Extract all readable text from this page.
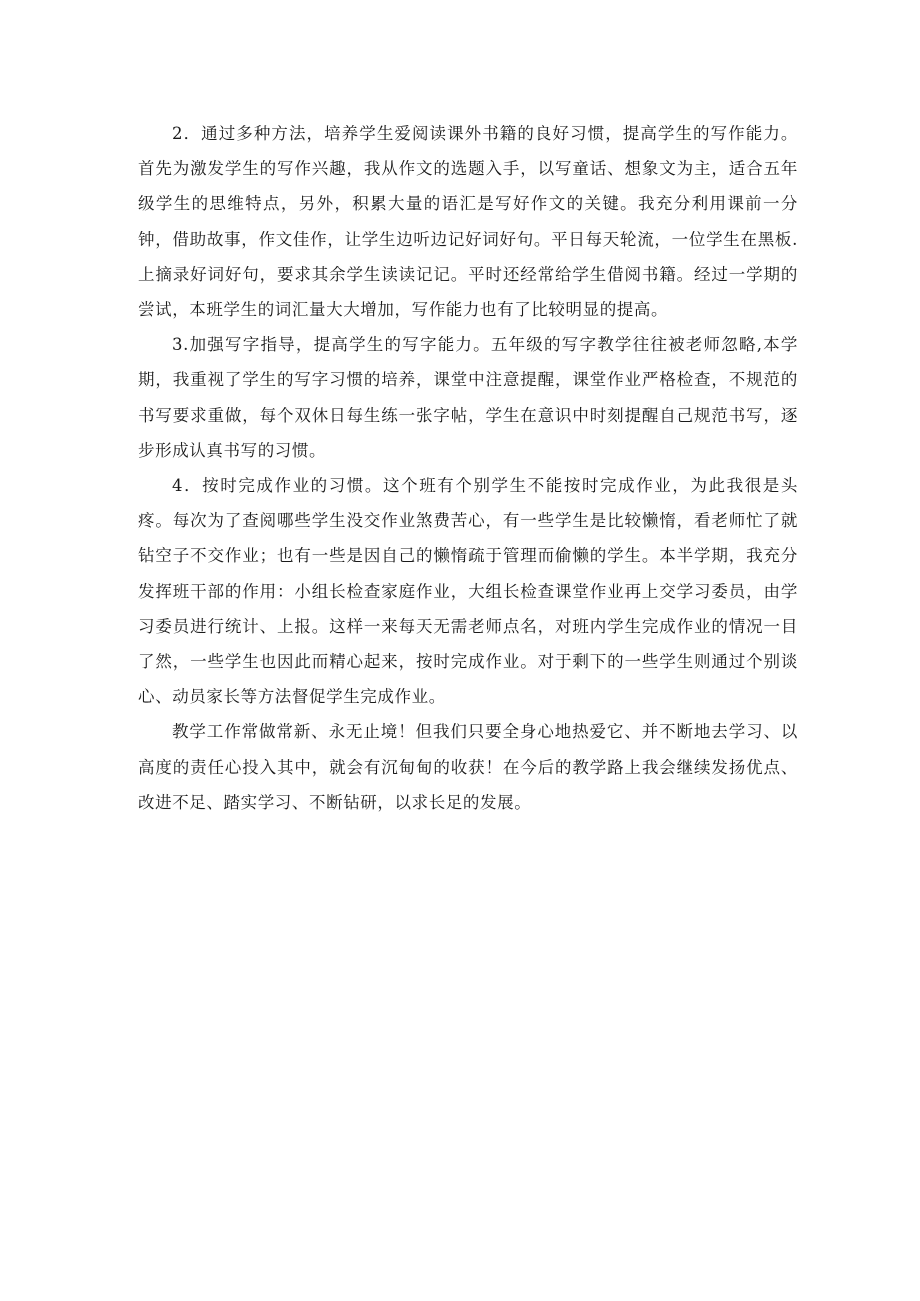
2．通过多种方法，培养学生爱阅读课外书籍的良好习惯，提高学生的写作能力。首先为激发学生的写作兴趣，我从作文的选题入手，以写童话、想象文为主，适合五年级学生的思维特点，另外，积累大量的语汇是写好作文的关键。我充分利用课前一分钟，借助故事，作文佳作，让学生边听边记好词好句。平日每天轮流，一位学生在黑板.上摘录好词好句，要求其余学生读读记记。平时还经常给学生借阅书籍。经过一学期的尝试，本班学生的词汇量大大增加，写作能力也有了比较明显的提高。

3.加强写字指导，提高学生的写字能力。五年级的写字教学往往被老师忽略,本学期，我重视了学生的写字习惯的培养，课堂中注意提醒，课堂作业严格检查，不规范的书写要求重做，每个双休日每生练一张字帖，学生在意识中时刻提醒自己规范书写，逐步形成认真书写的习惯。

4．按时完成作业的习惯。这个班有个别学生不能按时完成作业，为此我很是头疼。每次为了查阅哪些学生没交作业煞费苦心，有一些学生是比较懒惰，看老师忙了就钻空子不交作业；也有一些是因自己的懒惰疏于管理而偷懒的学生。本半学期，我充分发挥班干部的作用：小组长检查家庭作业，大组长检查课堂作业再上交学习委员，由学习委员进行统计、上报。这样一来每天无需老师点名，对班内学生完成作业的情况一目了然，一些学生也因此而精心起来，按时完成作业。对于剩下的一些学生则通过个别谈心、动员家长等方法督促学生完成作业。

教学工作常做常新、永无止境！但我们只要全身心地热爱它、并不断地去学习、以高度的责任心投入其中，就会有沉甸甸的收获！在今后的教学路上我会继续发扬优点、改进不足、踏实学习、不断钻研，以求长足的发展。
